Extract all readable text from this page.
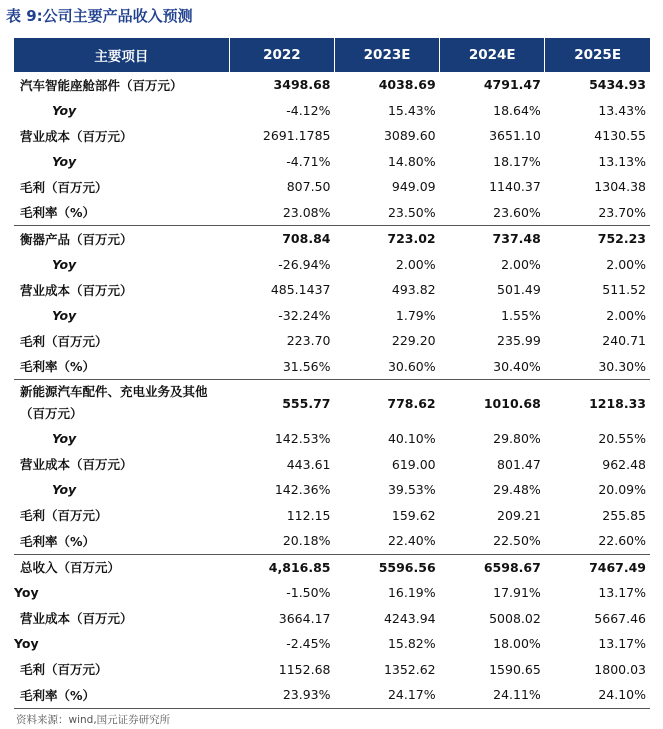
表 9:公司主要产品收入预测
主要项目	2022	2023E	2024E	2025E
汽车智能座舱部件（百万元）	3498.68	4038.69	4791.47	5434.93
Yoy	-4.12%	15.43%	18.64%	13.43%
营业成本（百万元）	2691.1785	3089.60	3651.10	4130.55
Yoy	-4.71%	14.80%	18.17%	13.13%
毛利（百万元）	807.50	949.09	1140.37	1304.38
毛利率（%）	23.08%	23.50%	23.60%	23.70%
衡器产品（百万元）	708.84	723.02	737.48	752.23
Yoy	-26.94%	2.00%	2.00%	2.00%
营业成本（百万元）	485.1437	493.82	501.49	511.52
Yoy	-32.24%	1.79%	1.55%	2.00%
毛利（百万元）	223.70	229.20	235.99	240.71
毛利率（%）	31.56%	30.60%	30.40%	30.30%
新能源汽车配件、充电业务及其他（百万元）	555.77	778.62	1010.68	1218.33
Yoy	142.53%	40.10%	29.80%	20.55%
营业成本（百万元）	443.61	619.00	801.47	962.48
Yoy	142.36%	39.53%	29.48%	20.09%
毛利（百万元）	112.15	159.62	209.21	255.85
毛利率（%）	20.18%	22.40%	22.50%	22.60%
总收入（百万元）	4,816.85	5596.56	6598.67	7467.49
Yoy	-1.50%	16.19%	17.91%	13.17%
营业成本（百万元）	3664.17	4243.94	5008.02	5667.46
Yoy	-2.45%	15.82%	18.00%	13.17%
毛利（百万元）	1152.68	1352.62	1590.65	1800.03
毛利率（%）	23.93%	24.17%	24.11%	24.10%
资料来源：wind,国元证券研究所
